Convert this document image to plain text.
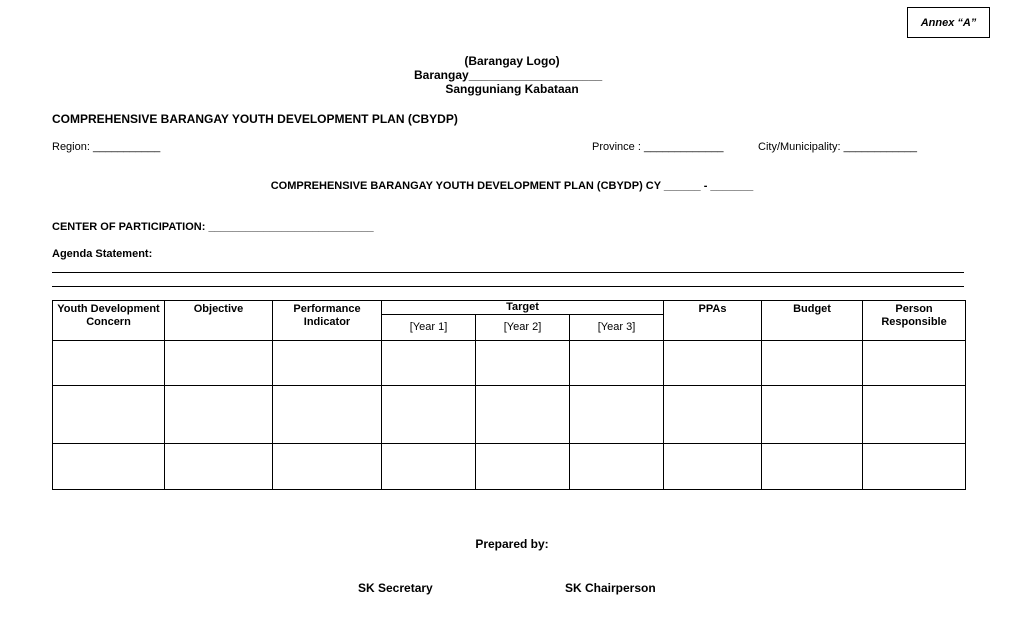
Annex “A”
(Barangay Logo)
Barangay____________________
Sangguniang Kabataan
COMPREHENSIVE BARANGAY YOUTH DEVELOPMENT PLAN (CBYDP)
Region: ___________	Province : _____________	City/Municipality: ____________
COMPREHENSIVE BARANGAY YOUTH DEVELOPMENT PLAN (CBYDP) CY ______ - _______
CENTER OF PARTICIPATION: ___________________________
Agenda Statement:
Youth Development Concern	Objective	Performance Indicator	Target			PPAs	Budget	Person Responsible
			[Year 1]	[Year 2]	[Year 3]			

Prepared by:
SK Secretary	SK Chairperson
